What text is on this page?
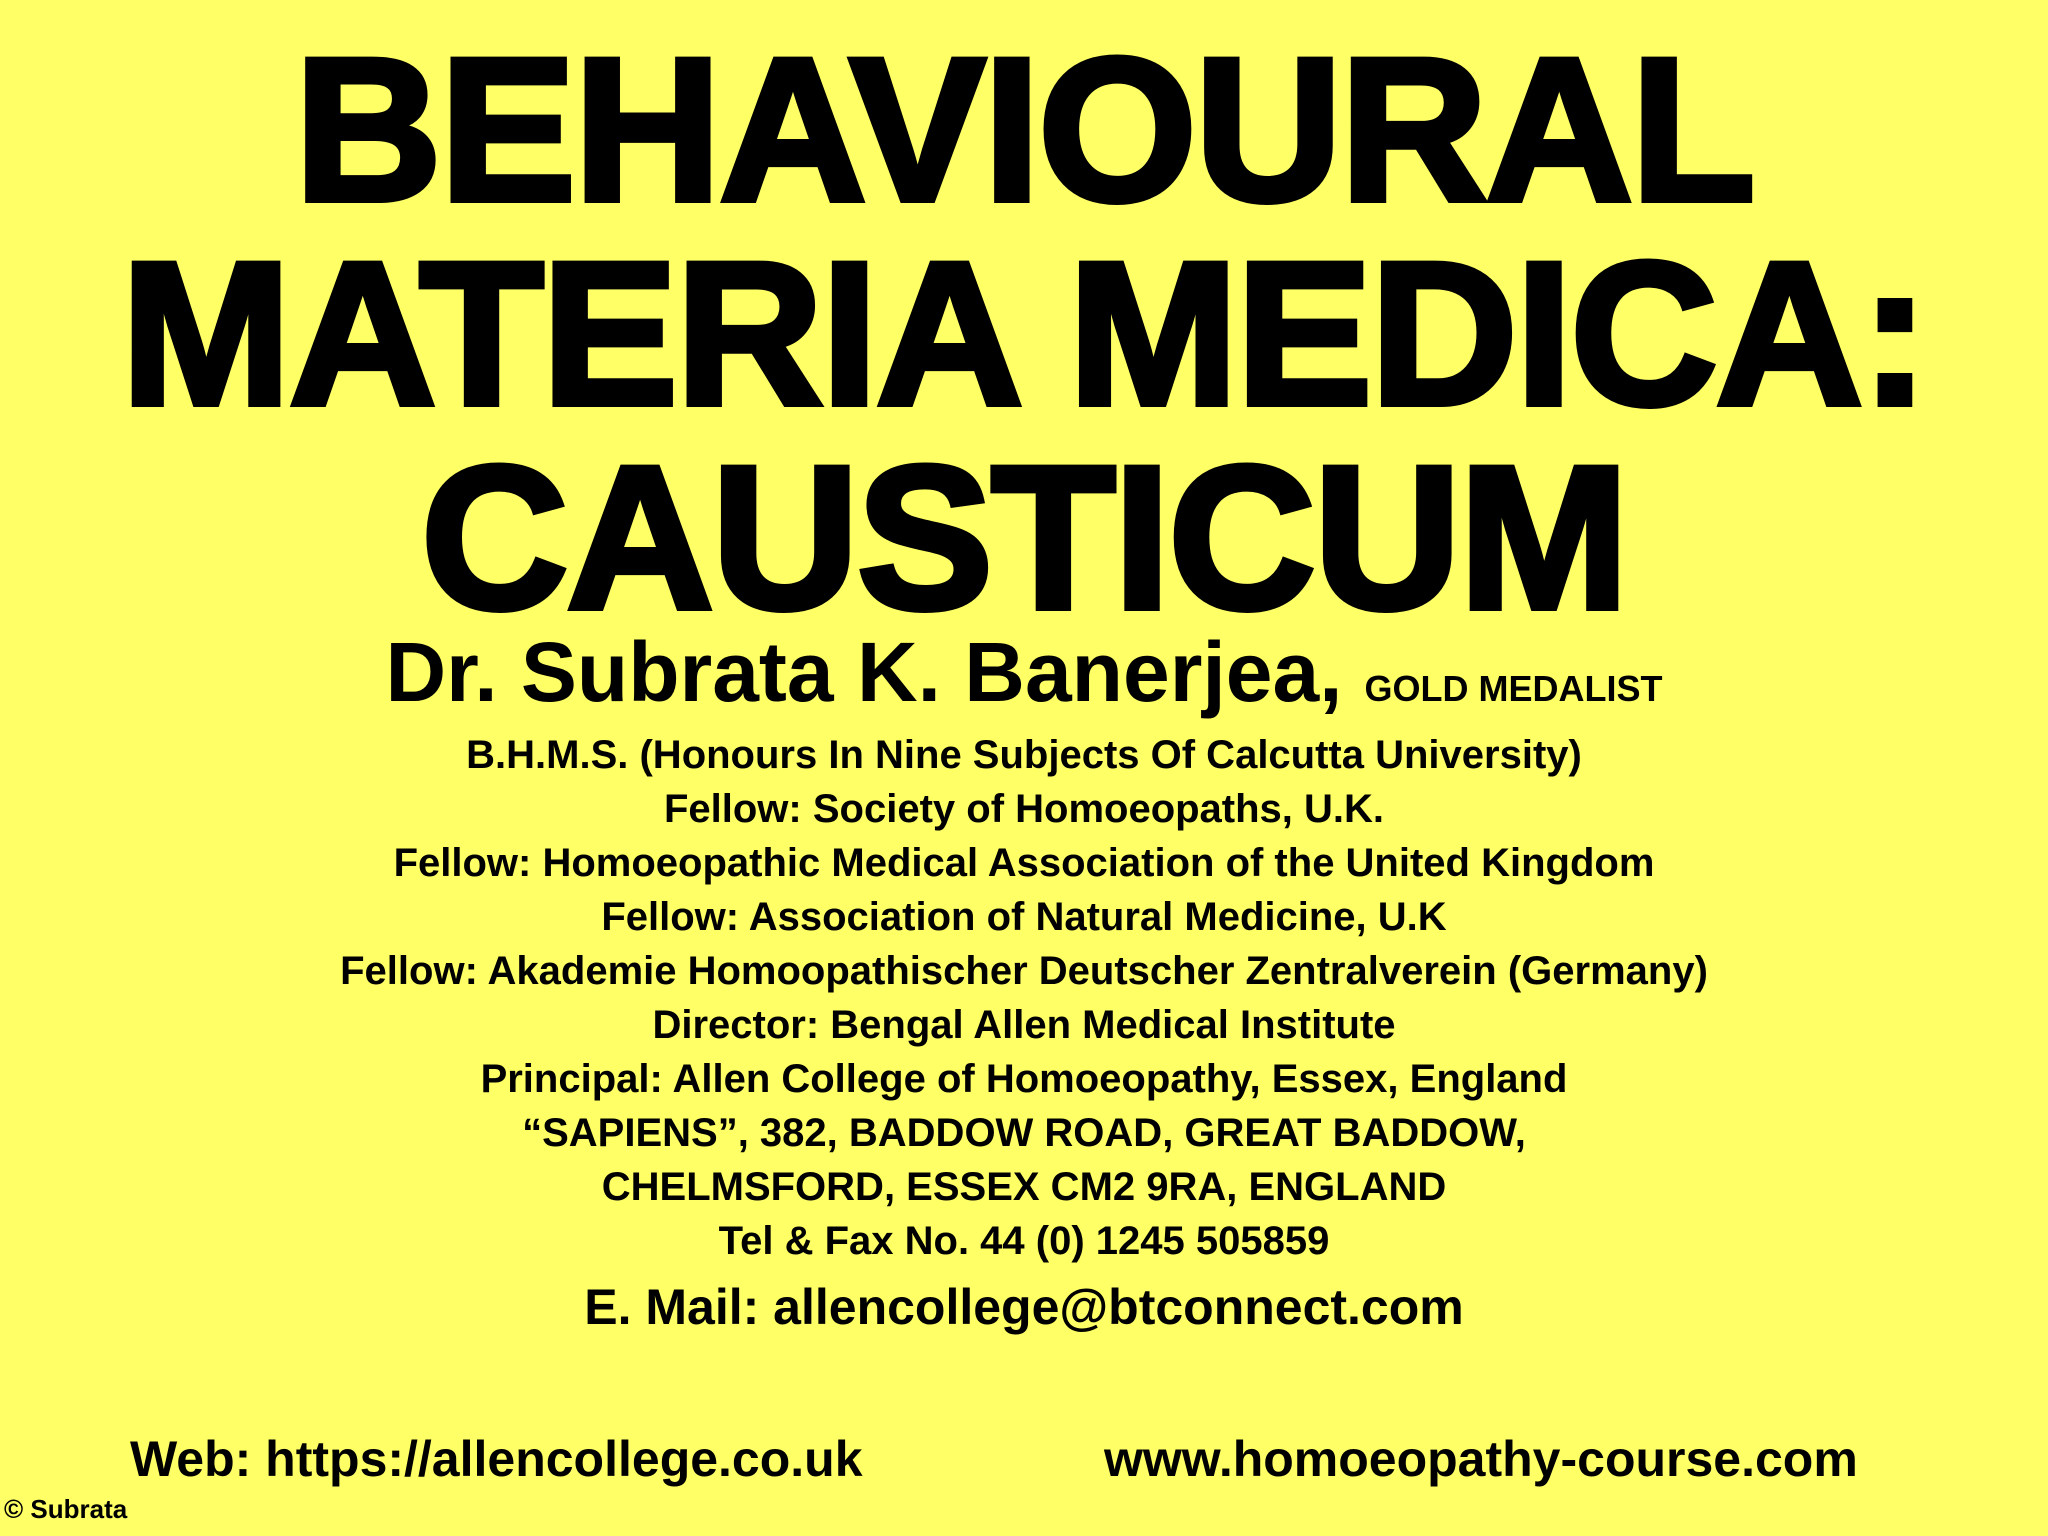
BEHAVIOURAL
MATERIA MEDICA:
CAUSTICUM
Dr. Subrata K. Banerjea, GOLD MEDALIST
B.H.M.S. (Honours In Nine Subjects Of Calcutta University)
Fellow: Society of Homoeopaths, U.K.
Fellow: Homoeopathic Medical Association of the United Kingdom
Fellow: Association of Natural Medicine, U.K
Fellow: Akademie Homoopathischer Deutscher Zentralverein (Germany)
Director: Bengal Allen Medical Institute
Principal: Allen College of Homoeopathy, Essex, England
“SAPIENS”, 382, BADDOW ROAD, GREAT BADDOW,
CHELMSFORD, ESSEX CM2 9RA, ENGLAND
Tel & Fax No. 44 (0) 1245 505859
E. Mail: allencollege@btconnect.com
Web: https://allencollege.co.uk	www.homoeopathy-course.com
© Subrata
